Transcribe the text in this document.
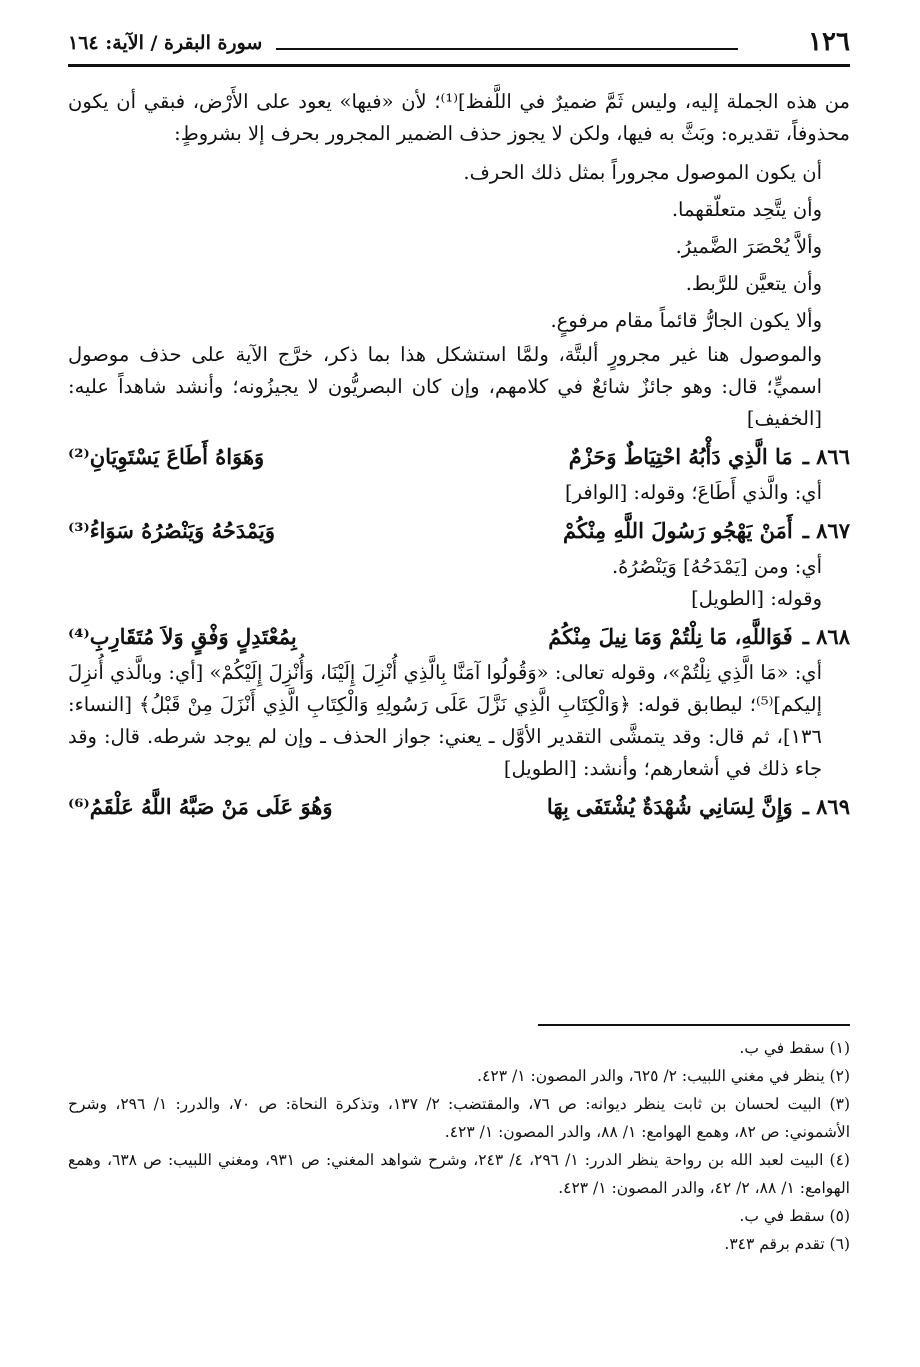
١٢٦
سورة البقرة / الآية: ١٦٤

من هذه الجملة إليه، وليس ثَمَّ ضميرٌ في اللَّفظ]⁽¹⁾؛ لأن «فيها» يعود على الأَرْض، فبقي أن يكون محذوفاً، تقديره: وبَثَّ به فيها، ولكن لا يجوز حذف الضمير المجرور بحرف إلا بشروطٍ:

أن يكون الموصول مجروراً بمثل ذلك الحرف.
وأن يتَّحِد متعلّقهما.
وألاَّ يُحْصَرَ الضَّميرُ.
وأن يتعيَّن للرَّبط.
وألا يكون الجارُّ قائماً مقام مرفوعٍ.

والموصول هنا غير مجرورٍ ألبتَّة، ولمَّا استشكل هذا بما ذكر، خرَّج الآية على حذف موصول اسميٍّ؛ قال: وهو جائزٌ شائعٌ في كلامهم، وإن كان البصريُّون لا يجيزُونه؛ وأنشد شاهداً عليه: [الخفيف]

٨٦٦ ـ
مَا الَّذِي دَأْبُهُ احْتِيَاطٌ وَحَزْمٌ
وَهَوَاهُ أَطَاعَ يَسْتَوِيَانِ⁽²⁾

أي: والَّذي أَطَاعَ؛ وقوله: [الوافر]

٨٦٧ ـ
أَمَنْ يَهْجُو رَسُولَ اللَّهِ مِنْكُمْ
وَيَمْدَحُهُ وَيَنْصُرُهُ سَوَاءُ⁽³⁾

أي: ومن [يَمْدَحُهُ] وَيَنْصُرُهُ.

وقوله: [الطويل]

٨٦٨ ـ
فَوَاللَّهِ، مَا نِلْتُمْ وَمَا نِيلَ مِنْكُمُ
بِمُعْتَدِلٍ وَفْقٍ وَلاَ مُتَقَارِبِ⁽⁴⁾

أي: «مَا الَّذِي نِلْتُمْ»، وقوله تعالى: «وَقُولُوا آمَنَّا بِالَّذِي أُنْزِلَ إِلَيْنَا، وَأُنْزِلَ إِلَيْكُمْ» [أي: وبالَّذي أُنزِلَ إليكم]⁽⁵⁾؛ ليطابق قوله: ﴿وَالْكِتَابِ الَّذِي نَزَّلَ عَلَى رَسُولِهِ وَالْكِتَابِ الَّذِي أَنْزَلَ مِنْ قَبْلُ﴾ [النساء: ١٣٦]، ثم قال: وقد يتمشَّى التقدير الأوَّل ـ يعني: جواز الحذف ـ وإن لم يوجد شرطه. قال: وقد جاء ذلك في أشعارهم؛ وأنشد: [الطويل]

٨٦٩ ـ
وَإِنَّ لِسَانِي شُهْدَةٌ يُشْتَفَى بِهَا
وَهُوَ عَلَى مَنْ صَبَّهُ اللَّهُ عَلْقَمُ⁽⁶⁾

(١) سقط في ب.

(٢) ينظر في مغني اللبيب: ٢/ ٦٢٥، والدر المصون: ١/ ٤٢٣.

(٣) البيت لحسان بن ثابت ينظر ديوانه: ص ٧٦، والمقتضب: ٢/ ١٣٧، وتذكرة النحاة: ص ٧٠، والدرر: ١/ ٢٩٦، وشرح الأشموني: ص ٨٢، وهمع الهوامع: ١/ ٨٨، والدر المصون: ١/ ٤٢٣.

(٤) البيت لعبد الله بن رواحة ينظر الدرر: ١/ ٢٩٦، ٤/ ٢٤٣، وشرح شواهد المغني: ص ٩٣١، ومغني اللبيب: ص ٦٣٨، وهمع الهوامع: ١/ ٨٨، ٢/ ٤٢، والدر المصون: ١/ ٤٢٣.

(٥) سقط في ب.

(٦) تقدم برقم ٣٤٣.
